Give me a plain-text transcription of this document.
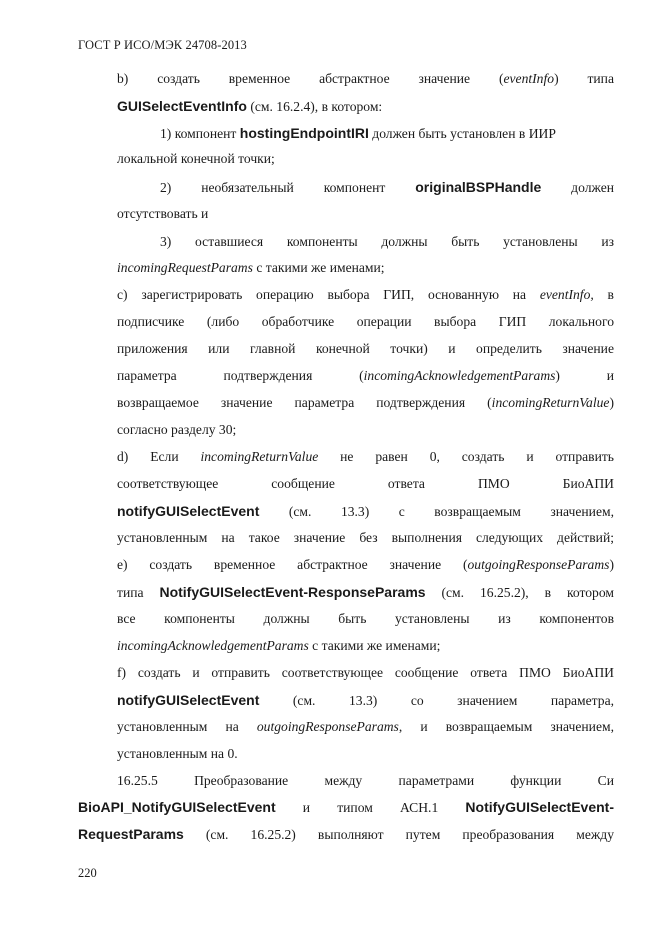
ГОСТ Р ИСО/МЭК 24708-2013
b) создать временное абстрактное значение (eventInfo) типа
GUISelectEventInfo (см. 16.2.4), в котором:
1) компонент hostingEndpointIRI должен быть установлен в ИИР
локальной конечной точки;
2) необязательный компонент originalBSPHandle должен
отсутствовать и
3) оставшиеся компоненты должны быть установлены из
incomingRequestParams с такими же именами;
c) зарегистрировать операцию выбора ГИП, основанную на eventInfo, в
подписчике (либо обработчике операции выбора ГИП локального
приложения или главной конечной точки) и определить значение
параметра подтверждения (incomingAcknowledgementParams) и
возвращаемое значение параметра подтверждения (incomingReturnValue)
согласно разделу 30;
d) Если incomingReturnValue не равен 0, создать и отправить
соответствующее сообщение ответа ПМО БиоАПИ
notifyGUISelectEvent (см. 13.3) с возвращаемым значением,
установленным на такое значение без выполнения следующих действий;
e) создать временное абстрактное значение (outgoingResponseParams)
типа NotifyGUISelectEvent-ResponseParams (см. 16.25.2), в котором
все компоненты должны быть установлены из компонентов
incomingAcknowledgementParams с такими же именами;
f) создать и отправить соответствующее сообщение ответа ПМО БиоАПИ
notifyGUISelectEvent (см. 13.3) со значением параметра,
установленным на outgoingResponseParams, и возвращаемым значением,
установленным на 0.
16.25.5 Преобразование между параметрами функции Си
BioAPI_NotifyGUISelectEvent и типом АСН.1 NotifyGUISelectEvent-
RequestParams (см. 16.25.2) выполняют путем преобразования между
220
